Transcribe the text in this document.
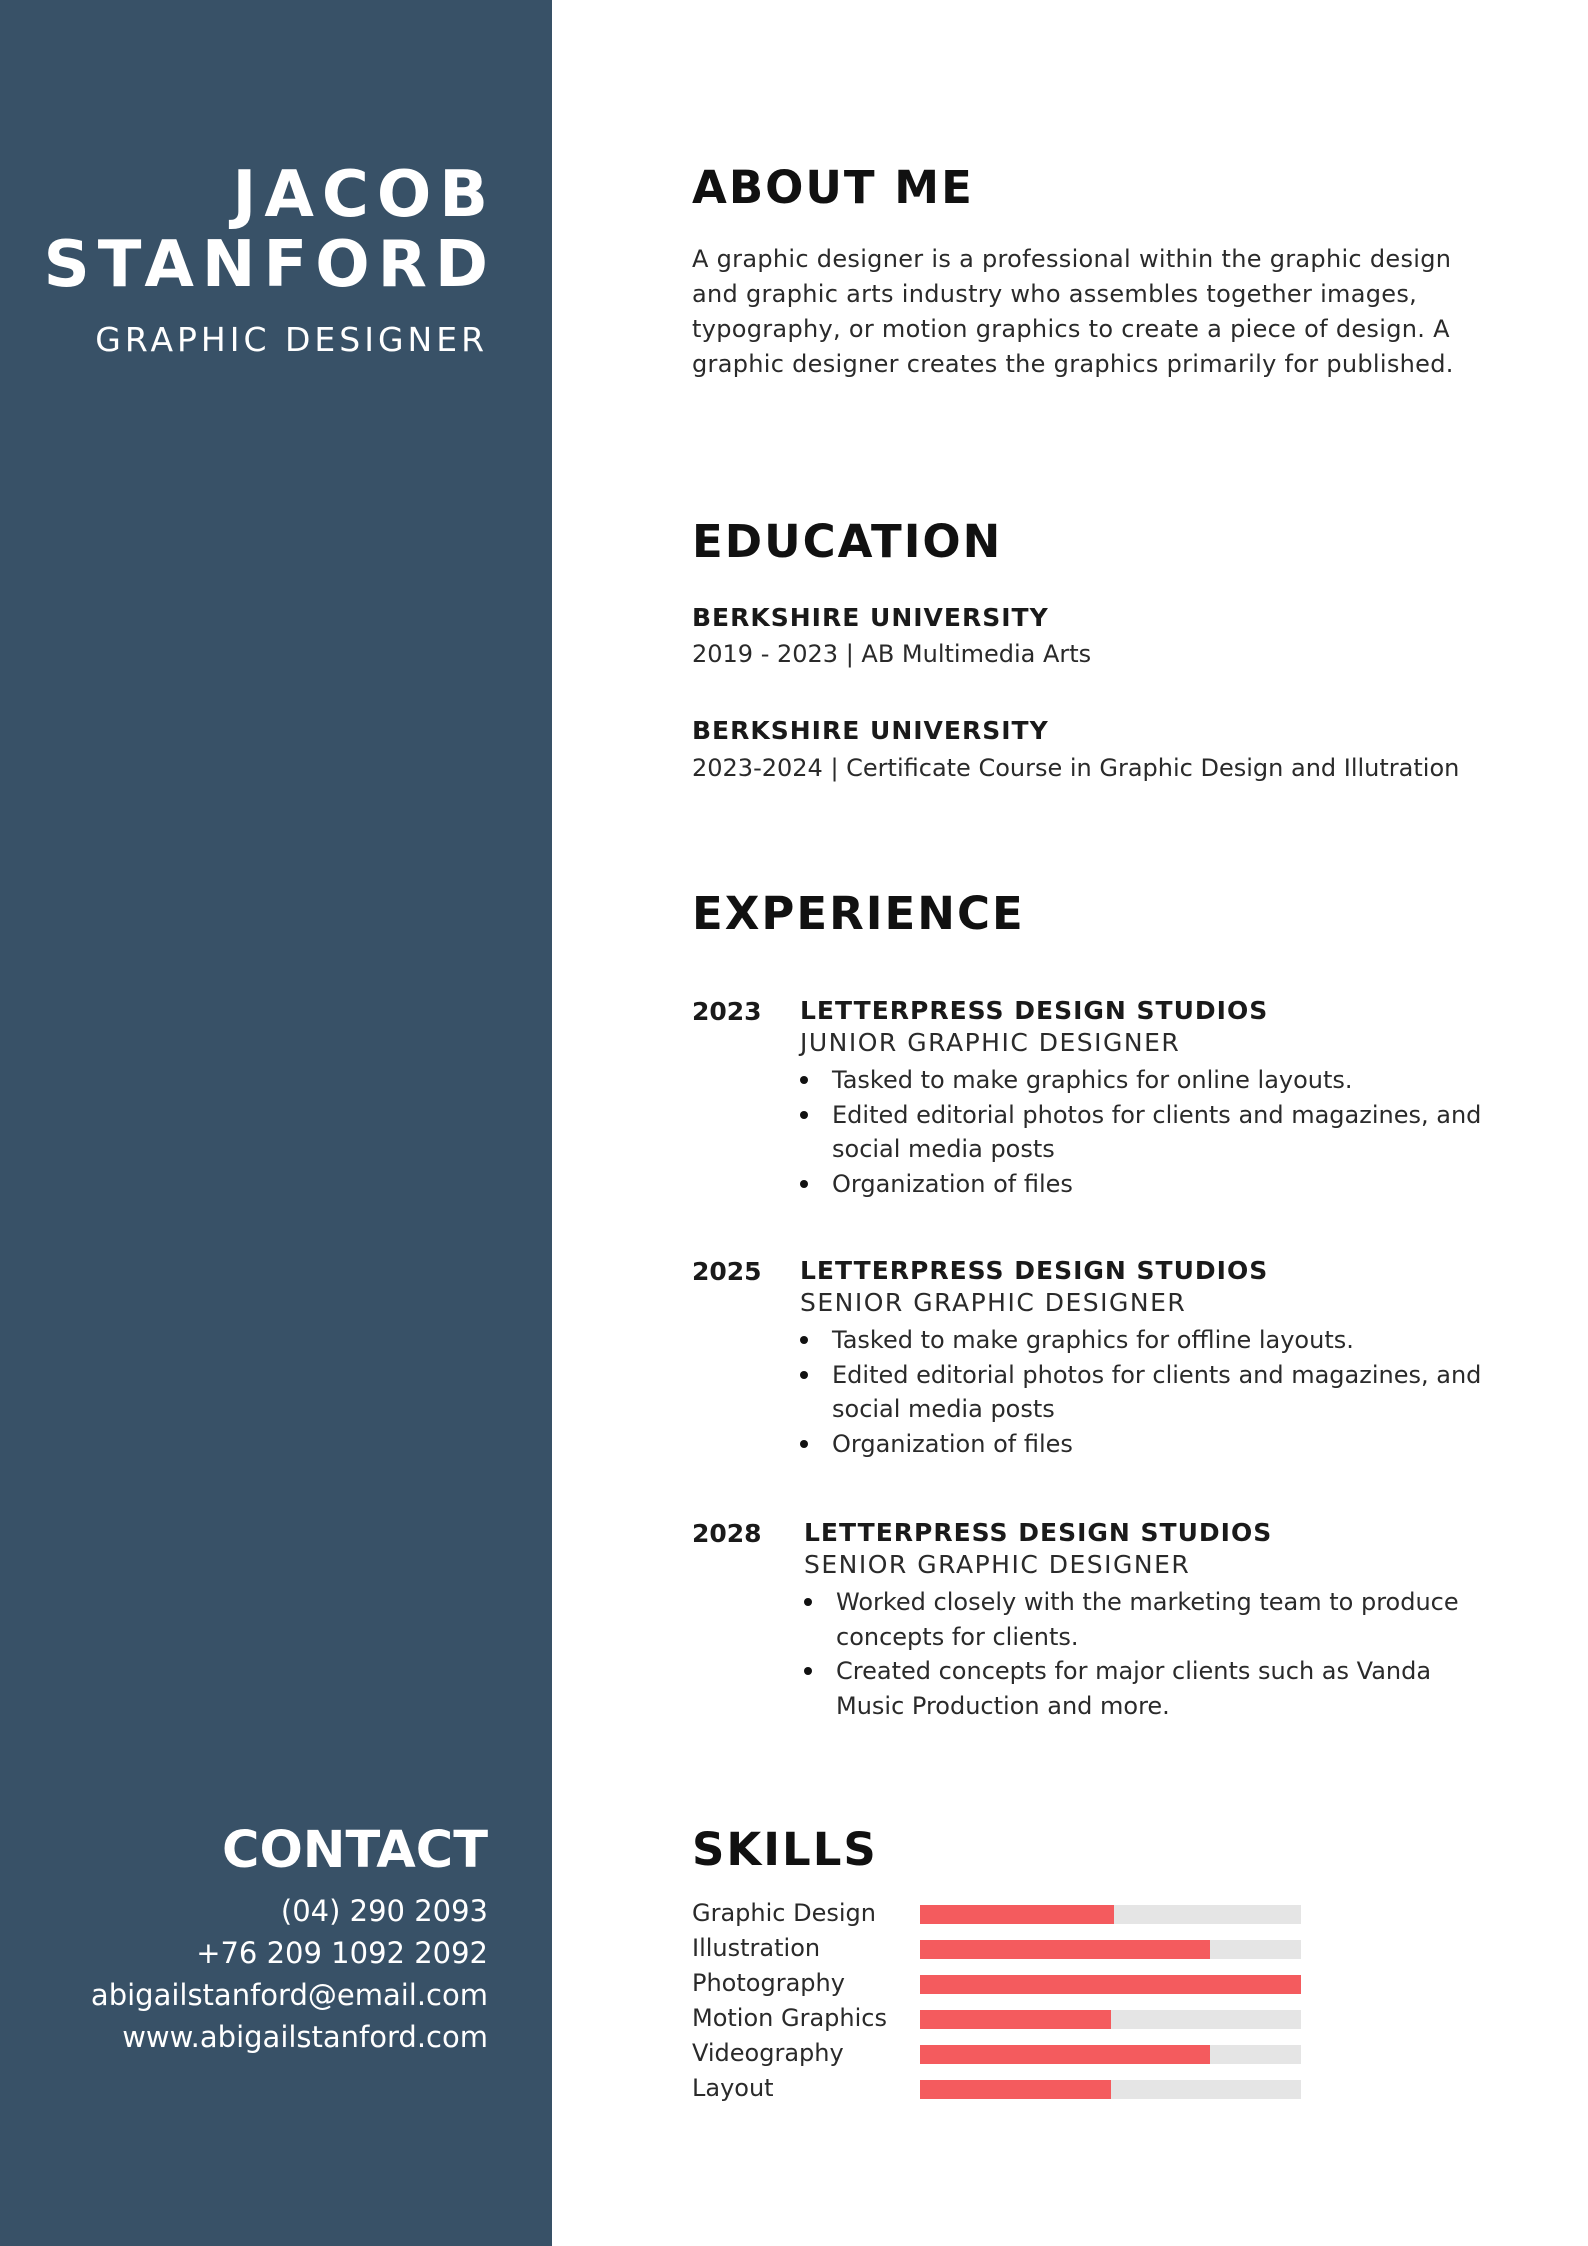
JACOB
STANFORD
GRAPHIC DESIGNER
CONTACT
(04) 290 2093
+76 209 1092 2092
abigailstanford@email.com
www.abigailstanford.com
ABOUT ME
A graphic designer is a professional within the graphic design and graphic arts industry who assembles together images, typography, or motion graphics to create a piece of design. A graphic designer creates the graphics primarily for published.
EDUCATION
BERKSHIRE UNIVERSITY
2019 - 2023 | AB Multimedia Arts
BERKSHIRE UNIVERSITY
2023-2024 | Certificate Course in Graphic Design and Illutration
EXPERIENCE
2023 LETTERPRESS DESIGN STUDIOS
JUNIOR GRAPHIC DESIGNER
Tasked to make graphics for online layouts.
Edited editorial photos for clients and magazines, and social media posts
Organization of files
2025 LETTERPRESS DESIGN STUDIOS
SENIOR GRAPHIC DESIGNER
Tasked to make graphics for offline layouts.
Edited editorial photos for clients and magazines, and social media posts
Organization of files
2028 LETTERPRESS DESIGN STUDIOS
SENIOR GRAPHIC DESIGNER
Worked closely with the marketing team to produce concepts for clients.
Created concepts for major clients such as Vanda Music Production and more.
SKILLS
Graphic Design
Illustration
Photography
Motion Graphics
Videography
Layout
